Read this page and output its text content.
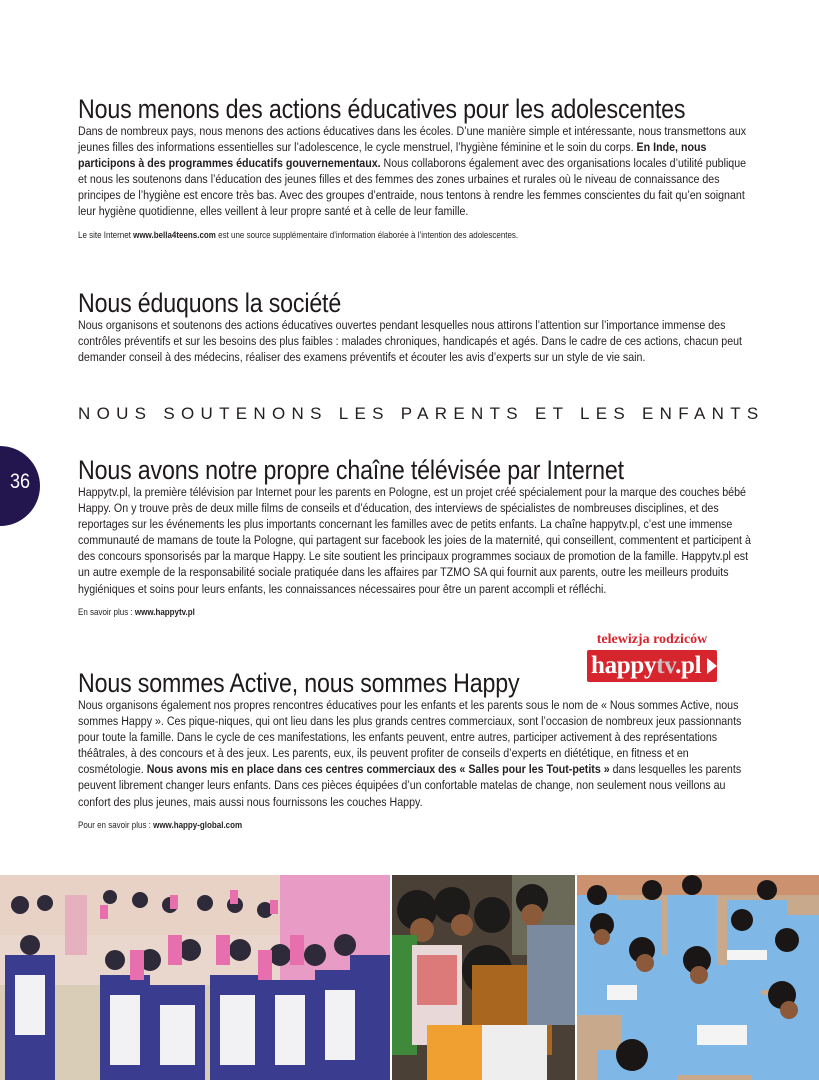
Nous menons des actions éducatives pour les adolescentes

Dans de nombreux pays, nous menons des actions éducatives dans les écoles. D’une manière simple et intéressante, nous transmettons aux jeunes filles des informations essentielles sur l’adolescence, le cycle menstruel, l’hygiène féminine et le soin du corps. En Inde, nous participons à des programmes éducatifs gouvernementaux. Nous collaborons également avec des organisations locales d’utilité publique et nous les soutenons dans l’éducation des jeunes filles et des femmes des zones urbaines et rurales où le niveau de connaissance des principes de l’hygiène est encore très bas. Avec des groupes d’entraide, nous tentons à rendre les femmes conscientes du fait qu’en soignant leur hygiène quotidienne, elles veillent à leur propre santé et à celle de leur famille.

Le site Internet www.bella4teens.com est une source supplémentaire d’information élaborée à l’intention des adolescentes.

Nous éduquons la société

Nous organisons et soutenons des actions éducatives ouvertes pendant lesquelles nous attirons l’attention sur l’importance immense des contrôles préventifs et sur les besoins des plus faibles : malades chroniques, handicapés et agés. Dans le cadre de ces actions, chacun peut demander conseil à des médecins, réaliser des examens préventifs et écouter les avis d’experts sur un style de vie sain.

NOUS SOUTENONS LES PARENTS ET LES ENFANTS
36 Nous avons notre propre chaîne télévisée par Internet

Happytv.pl, la première télévision par Internet pour les parents en Pologne, est un projet créé spécialement pour la marque des couches bébé Happy. On y trouve près de deux mille films de conseils et d’éducation, des interviews de spécialistes de nombreuses disciplines, et des reportages sur les événements les plus importants concernant les familles avec de petits enfants. La chaîne happytv.pl, c’est une immense communauté de mamans de toute la Pologne, qui partagent sur facebook les joies de la maternité, qui conseillent, commentent et participent à des concours sponsorisés par la marque Happy. Le site soutient les principaux programmes sociaux de promotion de la famille. Happytv.pl est un autre exemple de la responsabilité sociale pratiquée dans les affaires par TZMO SA qui fournit aux parents, outre les meilleurs produits hygiéniques et soins pour leurs enfants, les connaissances nécessaires pour être un parent accompli et réfléchi.

En savoir plus : www.happytv.pl

telewizja rodziców
happytv.pl
Nous sommes Active, nous sommes Happy

Nous organisons également nos propres rencontres éducatives pour les enfants et les parents sous le nom de « Nous sommes Active, nous sommes Happy ». Ces pique-niques, qui ont lieu dans les plus grands centres commerciaux, sont l’occasion de nombreux jeux passionnants pour toute la famille. Dans le cycle de ces manifestations, les enfants peuvent, entre autres, participer activement à des représentations théâtrales, à des concours et à des jeux. Les parents, eux, ils peuvent profiter de conseils d’experts en diététique, en fitness et en cosmétologie. Nous avons mis en place dans ces centres commerciaux des « Salles pour les Tout-petits » dans lesquelles les parents peuvent librement changer leurs enfants. Dans ces pièces équipées d’un confortable matelas de change, non seulement nous veillons au confort des plus jeunes, mais aussi nous fournissons les couches Happy.

Pour en savoir plus : www.happy-global.com
